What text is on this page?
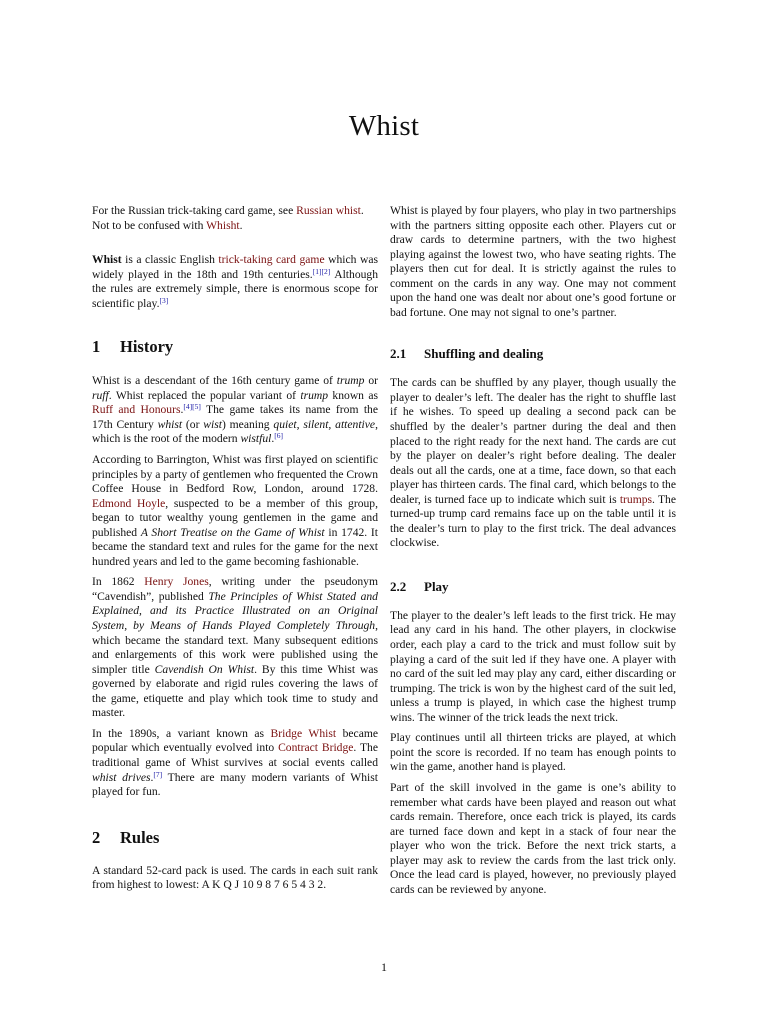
Whist

For the Russian trick-taking card game, see Russian whist.
Not to be confused with Whisht.

Whist is a classic English trick-taking card game which was widely played in the 18th and 19th centuries.[1][2] Although the rules are extremely simple, there is enormous scope for scientific play.[3]

1 History

Whist is a descendant of the 16th century game of trump or ruff. Whist replaced the popular variant of trump known as Ruff and Honours.[4][5] The game takes its name from the 17th Century whist (or wist) meaning quiet, silent, attentive, which is the root of the modern wistful.[6]

According to Barrington, Whist was first played on scientific principles by a party of gentlemen who frequented the Crown Coffee House in Bedford Row, London, around 1728. Edmond Hoyle, suspected to be a member of this group, began to tutor wealthy young gentlemen in the game and published A Short Treatise on the Game of Whist in 1742. It became the standard text and rules for the game for the next hundred years and led to the game becoming fashionable.

In 1862 Henry Jones, writing under the pseudonym “Cavendish”, published The Principles of Whist Stated and Explained, and its Practice Illustrated on an Original System, by Means of Hands Played Completely Through, which became the standard text. Many subsequent editions and enlargements of this work were published using the simpler title Cavendish On Whist. By this time Whist was governed by elaborate and rigid rules covering the laws of the game, etiquette and play which took time to study and master.

In the 1890s, a variant known as Bridge Whist became popular which eventually evolved into Contract Bridge. The traditional game of Whist survives at social events called whist drives.[7] There are many modern variants of Whist played for fun.

2 Rules

A standard 52-card pack is used. The cards in each suit rank from highest to lowest: A K Q J 10 9 8 7 6 5 4 3 2.

Whist is played by four players, who play in two partnerships with the partners sitting opposite each other. Players cut or draw cards to determine partners, with the two highest playing against the lowest two, who have seating rights. The players then cut for deal. It is strictly against the rules to comment on the cards in any way. One may not comment upon the hand one was dealt nor about one’s good fortune or bad fortune. One may not signal to one’s partner.

2.1 Shuffling and dealing

The cards can be shuffled by any player, though usually the player to dealer’s left. The dealer has the right to shuffle last if he wishes. To speed up dealing a second pack can be shuffled by the dealer’s partner during the deal and then placed to the right ready for the next hand. The cards are cut by the player on dealer’s right before dealing. The dealer deals out all the cards, one at a time, face down, so that each player has thirteen cards. The final card, which belongs to the dealer, is turned face up to indicate which suit is trumps. The turned-up trump card remains face up on the table until it is the dealer’s turn to play to the first trick. The deal advances clockwise.

2.2 Play

The player to the dealer’s left leads to the first trick. He may lead any card in his hand. The other players, in clockwise order, each play a card to the trick and must follow suit by playing a card of the suit led if they have one. A player with no card of the suit led may play any card, either discarding or trumping. The trick is won by the highest card of the suit led, unless a trump is played, in which case the highest trump wins. The winner of the trick leads the next trick.

Play continues until all thirteen tricks are played, at which point the score is recorded. If no team has enough points to win the game, another hand is played.

Part of the skill involved in the game is one’s ability to remember what cards have been played and reason out what cards remain. Therefore, once each trick is played, its cards are turned face down and kept in a stack of four near the player who won the trick. Before the next trick starts, a player may ask to review the cards from the last trick only. Once the lead card is played, however, no previously played cards can be reviewed by anyone.

1
